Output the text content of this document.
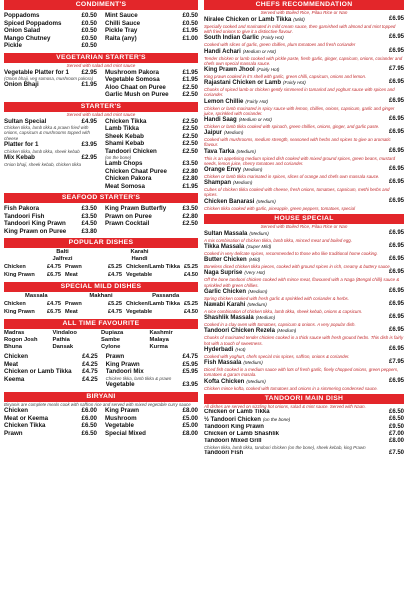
CONDIMENT'S
Poppadoms	£0.50
Spiced Poppadoms	£0.50
Onion Salad	£0.50
Mango Chutney	£0.50
Pickle	£0.50
Mint Sauce	£0.50
Chilli Sauce	£0.50
Pickle Tray	£1.95
Raita (any)	£1.00
VEGETARIAN STARTER'S
Served with salad and mint sauce
Vegetable Platter for 1	£2.95
(Onion bhaji, veg somosa, mushroom pakora)
Onion Bhaji	£1.95
Mushroom Pakora	£1.95
Vegetable Somosa	£1.95
Aloo Chaat on Puree	£2.50
Garlic Mush on Puree	£2.50
STARTER'S
Served with salad and mint sauce
Sultan Special	£4.95
Chicken tikka, lamb tikka & prawn fried with onions, capsicum & mushrooms topped with cheese
Platter for 1	£3.95
Chicken tikka, lamb tikka, sheek kebab
Mix Kebab	£2.95
Onion bhaji, sheek kebab, chicken tikka
Chicken Tikka	£2.50
Lamb Tikka	£2.50
Sheek Kebab	£2.50
Shami Kebab	£2.50
Tandoori Chicken	£2.50
(on the bone)
Lamb Chops	£3.50
Chicken Chaat Puree	£2.80
Chicken Pakora	£2.80
Meat Somosa	£1.95
SEAFOOD STARTER'S
Fish Pakora	£3.50
Tandoori Fish	£3.50
Tandoori King Prawn	£4.50
King Prawn on Puree	£3.80
King Prawn Butterfly	£3.50
Prawn on Puree	£2.80
Prawn Cocktail	£2.50
POPULAR DISHES
Balti	Karahi
Jalfrezi	Handi
Chicken	£4.75 Prawn	£5.25 Chicken/Lamb Tikka £5.25
King Prawn	£6.75 Meat	£4.75 Vegetable	£4.50
SPECIAL MILD DISHES
Massala	Makhani	Passanda
Chicken	£4.75 Prawn	£5.25 Chicken/Lamb Tikka £5.25
King Prawn	£6.75 Meat	£4.75 Vegetable	£4.50
ALL TIME FAVOURITE
Madras	Vindaloo	Dupiaza	Kashmir
Rogon Josh	Pathia	Sambe	Malaya
Bhuna	Dansak	Cylone	Kurma
Chicken	£4.25
Meat	£4.25
Chicken or Lamb Tikka	£4.75
Keema	£4.25
Prawn	£4.75
King Prawn	£5.95
Tandoori Mix	£5.95
Chicken tikka, lamb tikka & prawn
Vegetable	£3.95
BIRYANI
Biryanis are complete meals cook with saffron rice and served with mixed vegetable curry sauce
Chicken	£6.00
Meat or Keema	£6.00
Chicken Tikka	£6.50
Prawn	£6.50
King Prawn	£8.00
Mushroom	£5.00
Vegetable	£5.00
Special Mixed	£8.00
CHEFS RECOMMENDATION
Served with Boiled Rice, Pilau Rice or Nan
Niralee Chicken or Lamb Tikka (Mild)	£6.95
Specially cooked and marinated in mild cream sauce, then garnished with almond and mint topped with fried onions to give it a distinctive flavour.
South Indian Garlic (Fairly Hot)	£6.95
Cooked with slices of garlic, green chillies, plum tomatoes and fresh coriander
Handi Achari (Medium or Hot)	£6.95
Tender chicken or lamb cooked with pickle paste, fresh garlic, ginger, capsicum, onions, coriander and chefs own special massala sauce.
King Prawn Jhool (Fairly Hot)	£7.95
King prawn cooked in it's shell with garlic, green chilli, capsicum, onions and lemon.
Rajastani Chicken or Lamb (Fairly Hot)	£6.95
Chunks of spiced lamb or chicken gently simmered in tamarind and yoghurt sauce with spices and coriander.
Lemon Chillie (Fairly Hot)	£6.95
Chicken or lamb marinated in spicy sauce with lemon, chillies, onions, capsicum, garlic and ginger juice, sprinkled with coriander.
Handi Saag (Medium or Hot)	£6.95
Chicken or lamb tikka cooked with spinach, green chillies, onions, ginger, and garlic paste.
Jaipur (Medium)	£6.95
Cooked with mushrooms, medium strength, seasoned with herbs and spices to give an aromatic flavour.
Tava Tarka (Medium)	£6.95
This is an appetising medium spiced dish cooked with mixed ground spices, green beans, mustard seeds, lemon juice, cherry tomatoes and coriander.
Orange Envy (Medium)	£6.95
Chicken or lamb tikka marinated in spices, slices of orange and chefs own massala sauce.
Shampan (Medium)	£6.95
Cubes of chicken tikka cooked with cheese, fresh onions, tomatoes, capsicum, methi herbs and spices.
Chicken Banarasi (Medium)	£6.95
Chicken tikka cooked with garlic, pineapple, green peppers, tomatoes, special
HOUSE SPECIAL
Served with Boiled Rice, Pilau Rice or Nan
Sultan Massala (Medium)	£6.95
A mix combination of chicken tikka, lamb tikka, minced meat and boiled egg.
Tikka Massala (Super Mild)	£6.95
Cooked in very delicate spices, recommended to those who like traditional home cooking.
Butter Chicken (Mild)	£6.95
Boneless diced chicken tikka pieces, cooked with ground spices in rich, creamy & buttery sauce.
Naga Suprise (Very Hot)	£6.95
Off the bone tandoori chicken cooked with mince meat, flavoured with a Naga (Bengal chilli) sauce & sprinkled with green chillies.
Garlic Chicken (Medium)	£6.95
Spring chicken cooked with fresh garlic & sprinkled with coriander & herbs.
Nawabi Karahi (Medium)	£6.95
A nice combination of chicken tikka, lamb tikka, sheek kebab, onions & capsicum.
Shashlik Massala (Medium)	£6.95
Cooked in a clay oven with tomatoes, capsicum & onions. A very popular dish.
Tandoori Chicken Rezela (Medium)	£6.95
Chunks of marinated tender chicken cooked in a thick sauce with fresh ground herbs. This dish is fairly hot with a touch of sweetness.
Hyderbadi (Hot)	£6.95
Cooked with yoghurt, chefs special mix spices, saffron, onions & coriander.
Fish Massala (Medium)	£7.95
Diced fish cooked in a medium sauce with lots of fresh garlic, finely chopped onions, green peppers, tomatoes & garam masala.
Kofta Chicken (Medium)	£6.95
Chicken mince kofta, cooked with tomatoes and onions in a simmering condensed sauce.
TANDOORI MAIN DISH
All dishes are served on sizzling hot onions, salad & mint sauce. Served with Naan.
Chicken or Lamb Tikka	£6.50
½ Tandoori Chicken (on the bone)	£6.50
Tandoori King Prawn	£9.50
Chicken or Lamb Shashlik	£7.00
Tandoori Mixed Grill	£8.00
Chicken tikka, lamb tikka, tandoori chicken (on the bone), sheek kebab, king Prawn
Tandoori Fish	£7.50
